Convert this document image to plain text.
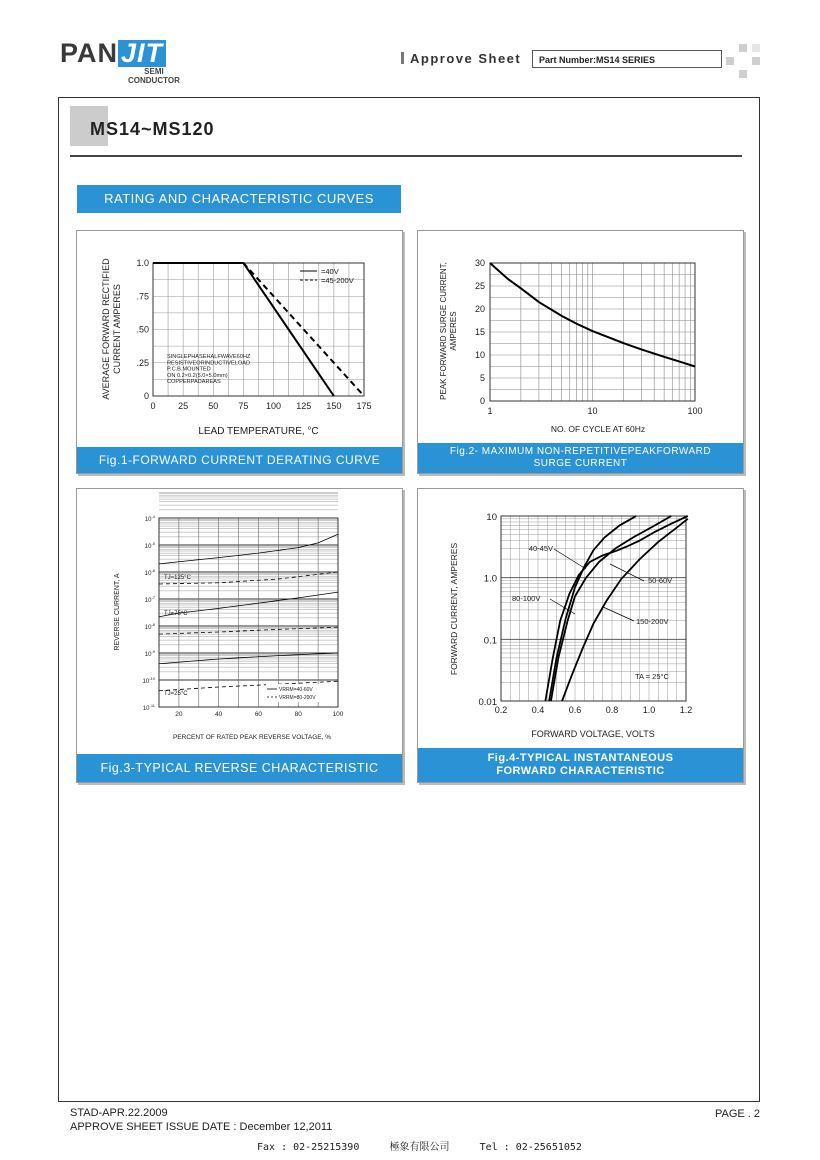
PAN JIT
SEMI
CONDUCTOR
Approve Sheet	Part Number:MS14 SERIES
MS14~MS120
RATING AND CHARACTERISTIC CURVES
0	25 50 75 100 125 150 175
0
.25
.50
.75
1.0
=40V
=45-200V
SINGLEPHASEHALFWAVE60HZ
RESISTIVEORINDUCTIVELOAD
P.C.B.MOUNTED
ON 0.2×0.2(5.0×5.0mm)
COPPERPADAREAS
LEAD TEMPERATURE, °C
AVERAGE FORWARD RECTIFIEDCURRENT AMPERES
Fig.1-FORWARD CURRENT DERATING CURVE
1	10	100
0
5
10
15
20
25
30
NO. OF CYCLE AT 60Hz
PEAK FORWARD SURGE CURRENT,AMPERES
Fig.2- MAXIMUM NON-REPETITIVEPEAKFORWARD SURGE CURRENT
20	40	60	80	100
$10^{-4}$
$10^{-5}$
$10^{-6}$
$10^{-7}$
$10^{-8}$
$10^{-9}$
$10^{-10}$
$10^{-11}$
TJ=125°C
TJ=75°C
TJ=25°C
VRRM=40-60V
VRRM=80-200V
PERCENT OF RATED PEAK REVERSE VOLTAGE, %
REVERSE CURRENT, A
Fig.3-TYPICAL REVERSE CHARACTERISTIC
0.2	0.4	0.6	0.8	1.0	1.2
0.01
0.1
1.0
10
40-45V
50-60V
80-100V
150-200V
TA = 25°C
FORWARD VOLTAGE, VOLTS
FORWARD CURRENT, AMPERES
Fig.4-TYPICAL INSTANTANEOUS FORWARD CHARACTERISTIC
STAD-APR.22.2009
APPROVE SHEET ISSUE DATE : December 12,2011
PAGE . 2
Fax : 02-25215390	極象有限公司	Tel : 02-25651052
